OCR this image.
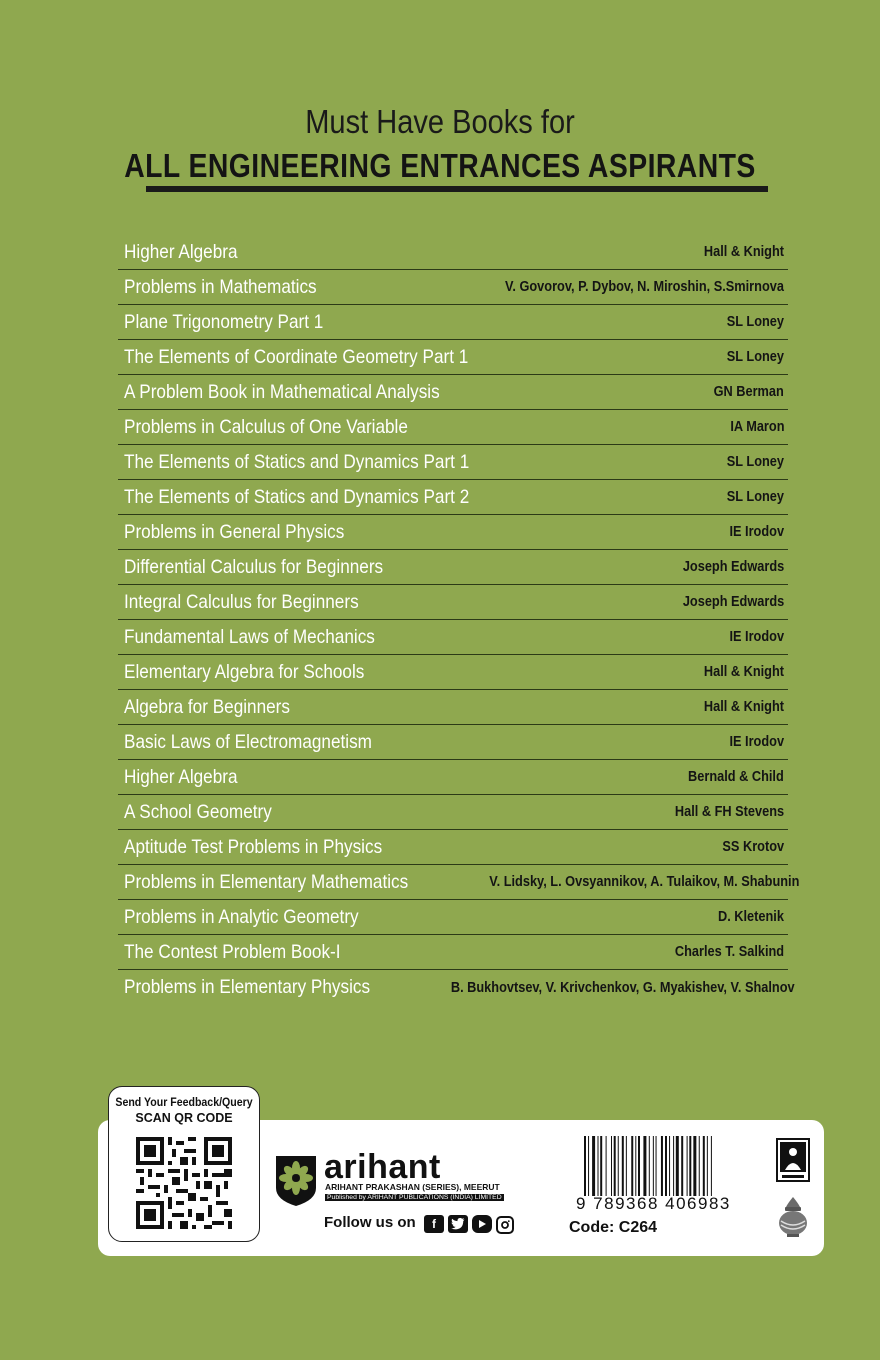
Must Have Books for
ALL ENGINEERING ENTRANCES ASPIRANTS
Higher Algebra	Hall & Knight
Problems in Mathematics	V. Govorov, P. Dybov, N. Miroshin, S.Smirnova
Plane Trigonometry Part 1	SL Loney
The Elements of Coordinate Geometry Part 1	SL Loney
A Problem Book in Mathematical Analysis	GN Berman
Problems in Calculus of One Variable	IA Maron
The Elements of Statics and Dynamics Part 1	SL Loney
The Elements of Statics and Dynamics Part 2	SL Loney
Problems in General Physics	IE Irodov
Differential Calculus for Beginners	Joseph Edwards
Integral Calculus for Beginners	Joseph Edwards
Fundamental Laws of Mechanics	IE Irodov
Elementary Algebra for Schools	Hall & Knight
Algebra for Beginners	Hall & Knight
Basic Laws of Electromagnetism	IE Irodov
Higher Algebra	Bernald & Child
A School Geometry	Hall & FH Stevens
Aptitude Test Problems in Physics	SS Krotov
Problems in Elementary Mathematics	V. Lidsky, L. Ovsyannikov, A. Tulaikov, M. Shabunin
Problems in Analytic Geometry	D. Kletenik
The Contest Problem Book-I	Charles T. Salkind
Problems in Elementary Physics	B. Bukhovtsev, V. Krivchenkov, G. Myakishev, V. Shalnov
Send Your Feedback/Query
SCAN QR CODE
arihant
ARIHANT PRAKASHAN (SERIES), MEERUT
Published by ARIHANT PUBLICATIONS (INDIA) LIMITED
Follow us on	f
9 789368 406983
Code: C264
